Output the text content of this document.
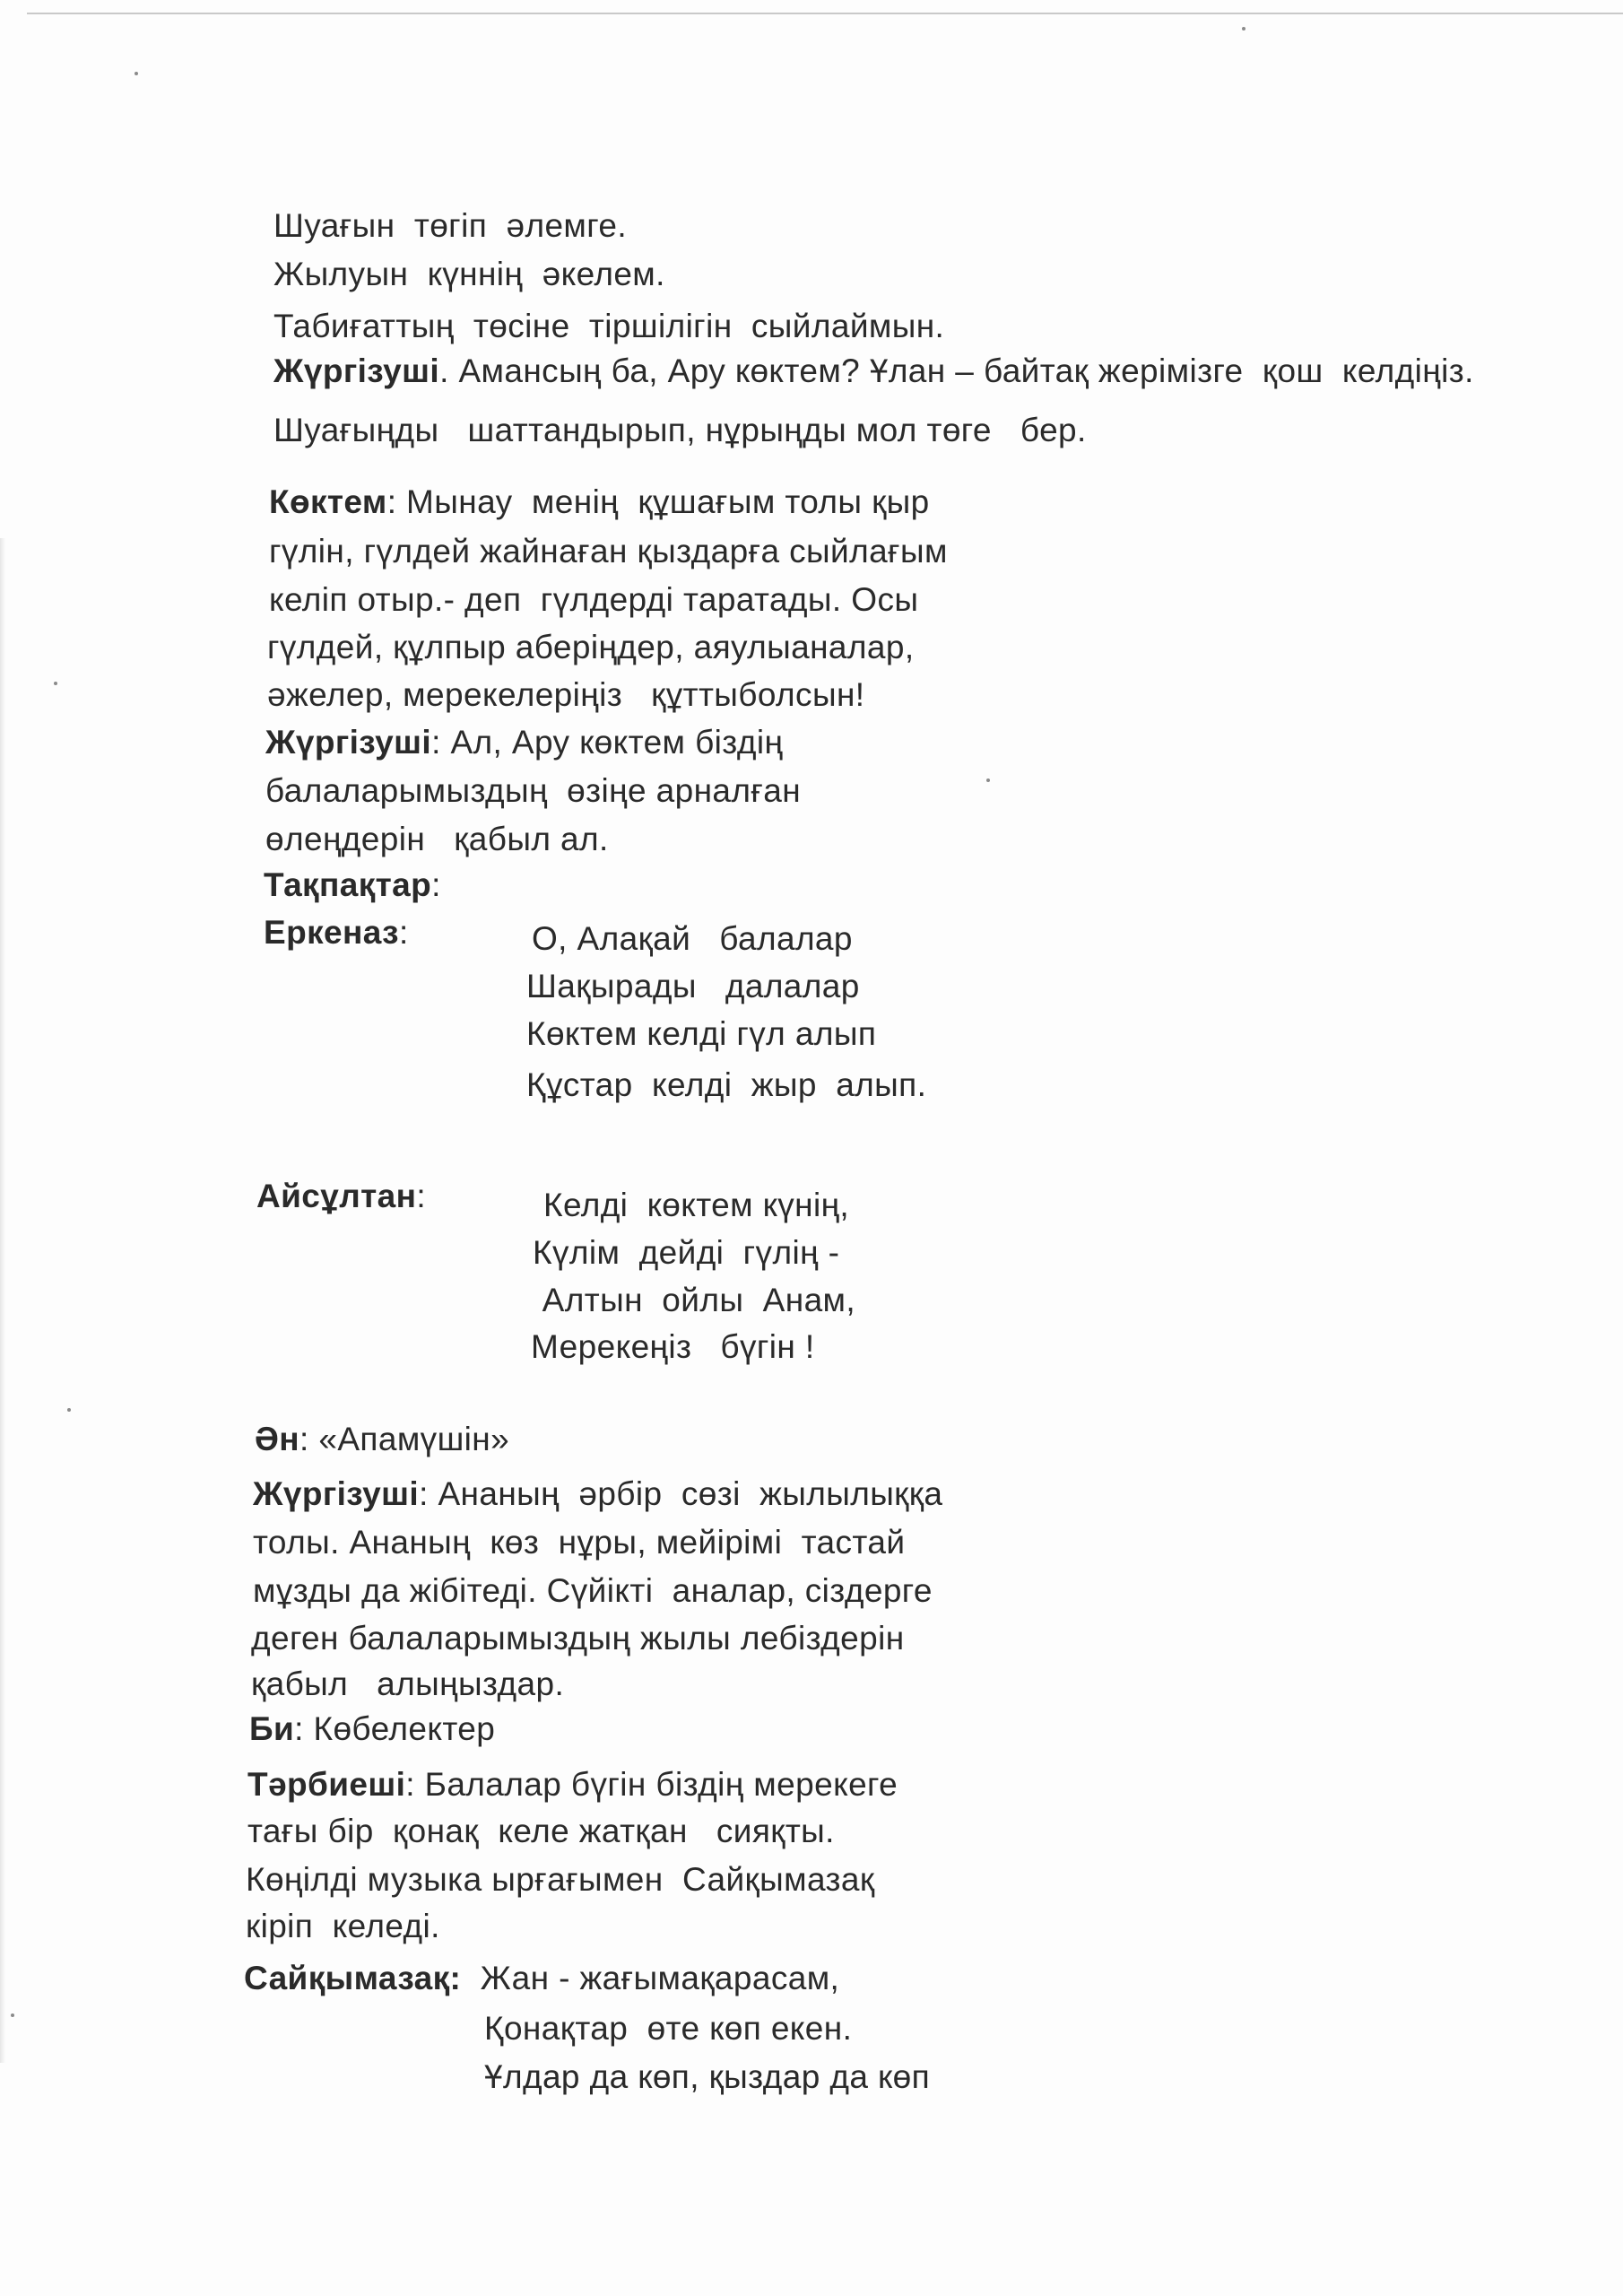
Шуағын  төгіп  әлемге.
Жылуын  күннің  әкелем.
Табиғаттың  төсіне  тіршілігін  сыйлаймын.
Жүргізуші. Амансың ба, Ару көктем? Ұлан – байтақ жерімізге  қош  келдіңіз.
Шуағыңды   шаттандырып, нұрыңды мол төге   бер.
Көктем: Мынау  менің  құшағым толы қыр
гүлін, гүлдей жайнаған қыздарға сыйлағым
келіп отыр.- деп  гүлдерді таратады. Осы
гүлдей, құлпыр аберіңдер, аяулыаналар,
әжелер, мерекелеріңіз   құттыболсын!
Жүргізуші: Ал, Ару көктем біздің
балаларымыздың  өзіңе арналған
өлеңдерін   қабыл ал.
Тақпақтар:
Еркеназ:	О, Алақай   балалар
Шақырады   далалар
Көктем келді гүл алып
Құстар  келді  жыр  алып.
Айсұлтан:	Келді  көктем күнің,
Күлім  дейді  гүлің -
Алтын  ойлы  Анам,
Мерекеңіз   бүгін !
Ән: «Апамүшін»
Жүргізуші: Ананың  әрбір  сөзі  жылылыққа
толы. Ананың  көз  нұры, мейірімі  тастай
мұзды да жібітеді. Сүйікті  аналар, сіздерге
деген балаларымыздың жылы лебіздерін
қабыл   алыңыздар.
Би: Көбелектер
Тәрбиеші: Балалар бүгін біздің мерекеге
тағы бір  қонақ  келе жатқан   сияқты.
Көңілді музыка ырғағымен  Сайқымазақ
кіріп  келеді.
Сайқымазақ:  Жан - жағымақарасам,
Қонақтар  өте көп екен.
Ұлдар да көп, қыздар да көп
